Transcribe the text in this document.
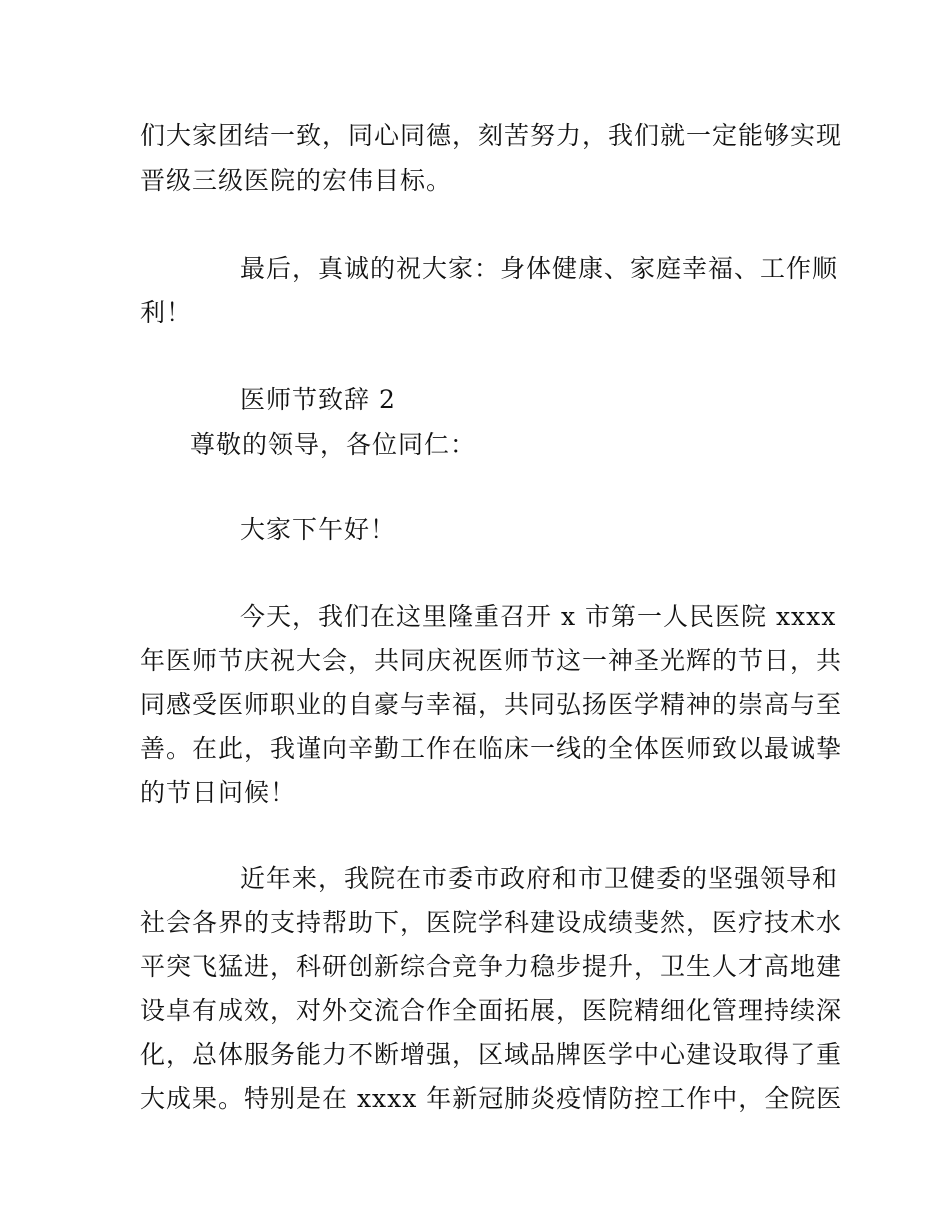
们大家团结一致，同心同德，刻苦努力，我们就一定能够实现
晋级三级医院的宏伟目标。
最后，真诚的祝大家：身体健康、家庭幸福、工作顺
利！
医师节致辞 2
尊敬的领导，各位同仁：
大家下午好！
今天，我们在这里隆重召开 x 市第一人民医院 xxxx
年医师节庆祝大会，共同庆祝医师节这一神圣光辉的节日，共
同感受医师职业的自豪与幸福，共同弘扬医学精神的崇高与至
善。在此，我谨向辛勤工作在临床一线的全体医师致以最诚挚
的节日问候！
近年来，我院在市委市政府和市卫健委的坚强领导和
社会各界的支持帮助下，医院学科建设成绩斐然，医疗技术水
平突飞猛进，科研创新综合竞争力稳步提升，卫生人才高地建
设卓有成效，对外交流合作全面拓展，医院精细化管理持续深
化，总体服务能力不断增强，区域品牌医学中心建设取得了重
大成果。特别是在 xxxx 年新冠肺炎疫情防控工作中，全院医
